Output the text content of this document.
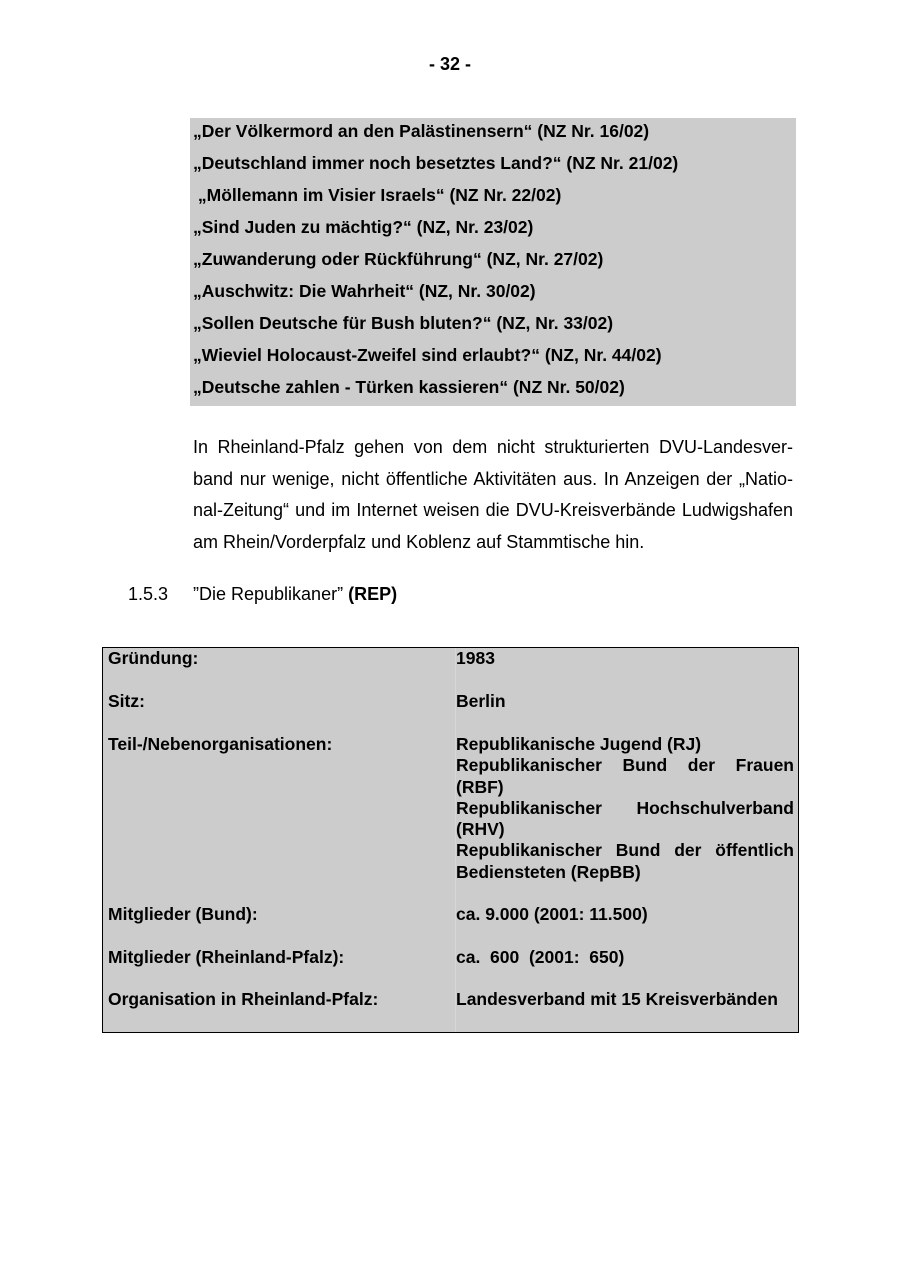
- 32 -
„Der Völkermord an den Palästinensern“ (NZ Nr. 16/02)
„Deutschland immer noch besetztes Land?“ (NZ Nr. 21/02)
„Möllemann im Visier Israels“ (NZ Nr. 22/02)
„Sind Juden zu mächtig?“ (NZ, Nr. 23/02)
„Zuwanderung oder Rückführung“ (NZ, Nr. 27/02)
„Auschwitz: Die Wahrheit“ (NZ, Nr. 30/02)
„Sollen Deutsche für Bush bluten?“ (NZ, Nr. 33/02)
„Wieviel Holocaust-Zweifel sind erlaubt?“ (NZ, Nr. 44/02)
„Deutsche zahlen - Türken kassieren“ (NZ Nr. 50/02)
In Rheinland-Pfalz gehen von dem nicht strukturierten DVU-Landesver-
band nur wenige, nicht öffentliche Aktivitäten aus. In Anzeigen der „Natio-
nal-Zeitung“ und im Internet weisen die DVU-Kreisverbände Ludwigshafen
am Rhein/Vorderpfalz und Koblenz auf Stammtische hin.
1.5.3 ”Die Republikaner” (REP)
Gründung:	1983
Sitz:	Berlin
Teil-/Nebenorganisationen:	Republikanische Jugend (RJ)
Republikanischer Bund der Frauen
(RBF)
Republikanischer Hochschulverband
(RHV)
Republikanischer Bund der öffentlich
Bediensteten (RepBB)
Mitglieder (Bund):	ca. 9.000 (2001: 11.500)
Mitglieder (Rheinland-Pfalz):	ca.  600  (2001:  650)
Organisation in Rheinland-Pfalz:	Landesverband mit 15 Kreisverbänden
